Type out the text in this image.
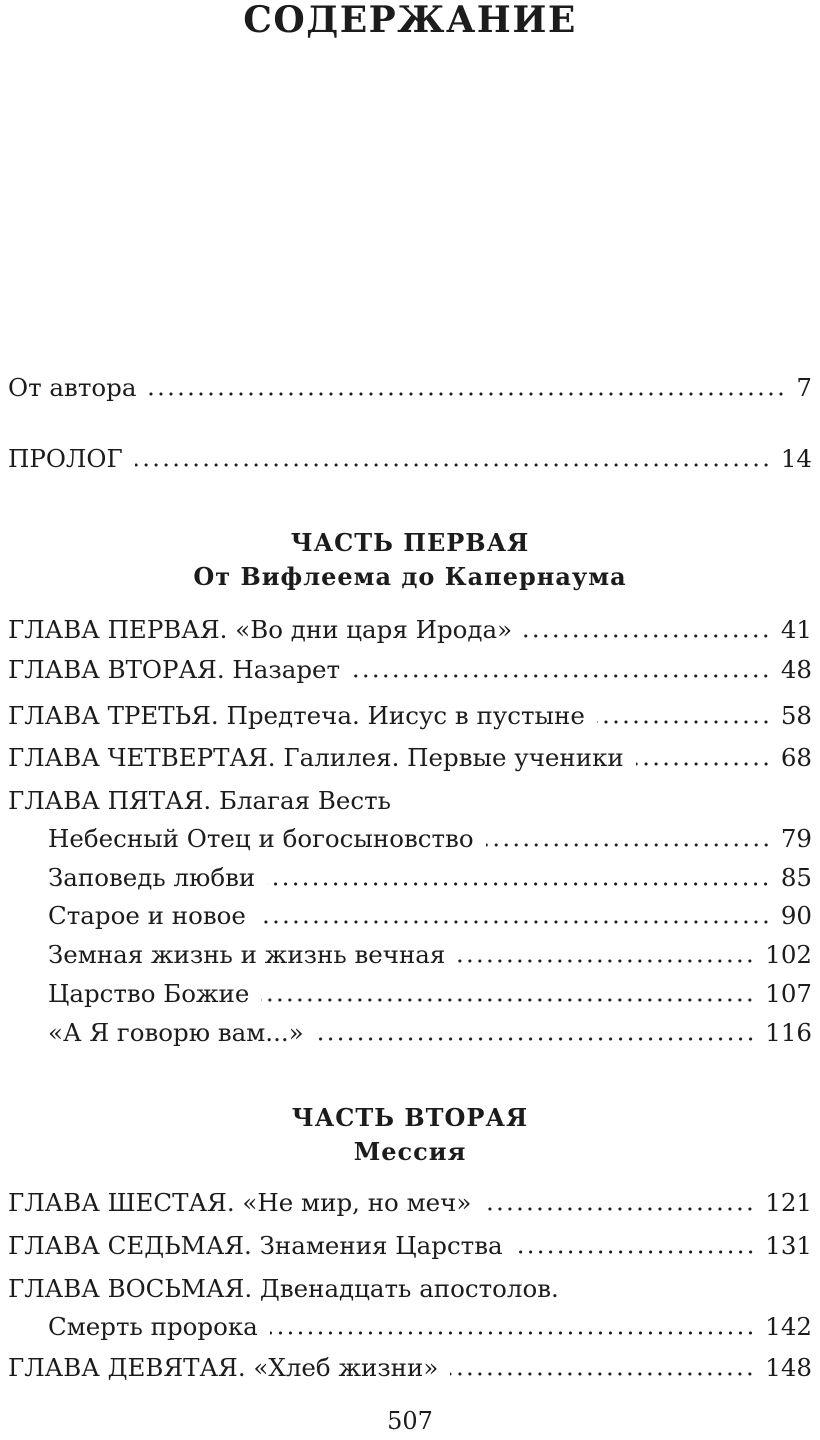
СОДЕРЖАНИЕ
От автора	7
ПРОЛОГ	14
ЧАСТЬ ПЕРВАЯ
От Вифлеема до Капернаума
ГЛАВА ПЕРВАЯ. «Во дни царя Ирода»	41
ГЛАВА ВТОРАЯ. Назарет	48
ГЛАВА ТРЕТЬЯ. Предтеча. Иисус в пустыне	58
ГЛАВА ЧЕТВЕРТАЯ. Галилея. Первые ученики	68
ГЛАВА ПЯТАЯ. Благая Весть
Небесный Отец и богосыновство	79
Заповедь любви	85
Старое и новое	90
Земная жизнь и жизнь вечная	102
Царство Божие	107
«А Я говорю вам...»	116
ЧАСТЬ ВТОРАЯ
Мессия
ГЛАВА ШЕСТАЯ. «Не мир, но меч»	121
ГЛАВА СЕДЬМАЯ. Знамения Царства	131
ГЛАВА ВОСЬМАЯ. Двенадцать апостолов.
Смерть пророка	142
ГЛАВА ДЕВЯТАЯ. «Хлеб жизни»	148
507
